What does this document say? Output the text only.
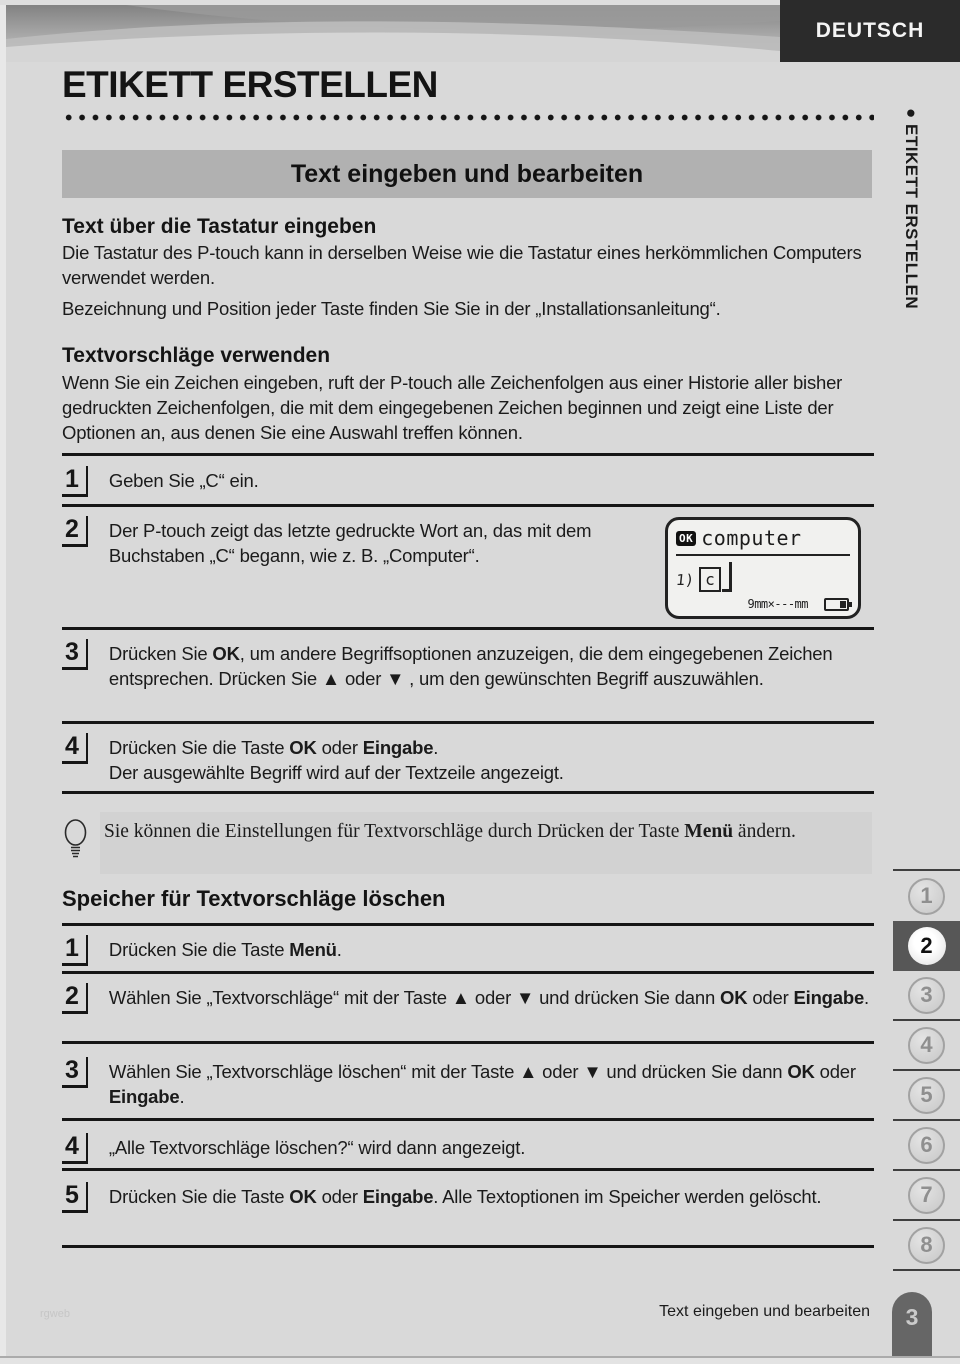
DEUTSCH
ETIKETT ERSTELLEN
Text eingeben und bearbeiten
Text über die Tastatur eingeben

Die Tastatur des P-touch kann in derselben Weise wie die Tastatur eines herkömmlichen Computers verwendet werden.

Bezeichnung und Position jeder Taste finden Sie Sie in der „Installationsanleitung“.

Textvorschläge verwenden

Wenn Sie ein Zeichen eingeben, ruft der P-touch alle Zeichenfolgen aus einer Historie aller bisher gedruckten Zeichenfolgen, die mit dem eingegebenen Zeichen beginnen und zeigt eine Liste der Optionen an, aus denen Sie eine Auswahl treffen können.

1	Geben Sie „C“ ein.
2	Der P-touch zeigt das letzte gedruckte Wort an, das mit dem Buchstaben „C“ begann, wie z. B. „Computer“.
OK computer
1) c
9mm×---mm
3	Drücken Sie OK, um andere Begriffsoptionen anzuzeigen, die dem eingegebenen Zeichen entsprechen. Drücken Sie ▲ oder ▼ , um den gewünschten Begriff auszuwählen.
4	Drücken Sie die Taste OK oder Eingabe.
Der ausgewählte Begriff wird auf der Textzeile angezeigt.
Sie können die Einstellungen für Textvorschläge durch Drücken der Taste Menü ändern.
Speicher für Textvorschläge löschen
1	Drücken Sie die Taste Menü.
2	Wählen Sie „Textvorschläge“ mit der Taste ▲ oder ▼ und drücken Sie dann OK oder Eingabe.
3	Wählen Sie „Textvorschläge löschen“ mit der Taste ▲ oder ▼ und drücken Sie dann OK oder Eingabe.
4	„Alle Textvorschläge löschen?“ wird dann angezeigt.
5	Drücken Sie die Taste OK oder Eingabe. Alle Textoptionen im Speicher werden gelöscht.
● ETIKETT ERSTELLEN
1
2
3
4
5
6
7
8
Text eingeben und bearbeiten	3
rgweb
